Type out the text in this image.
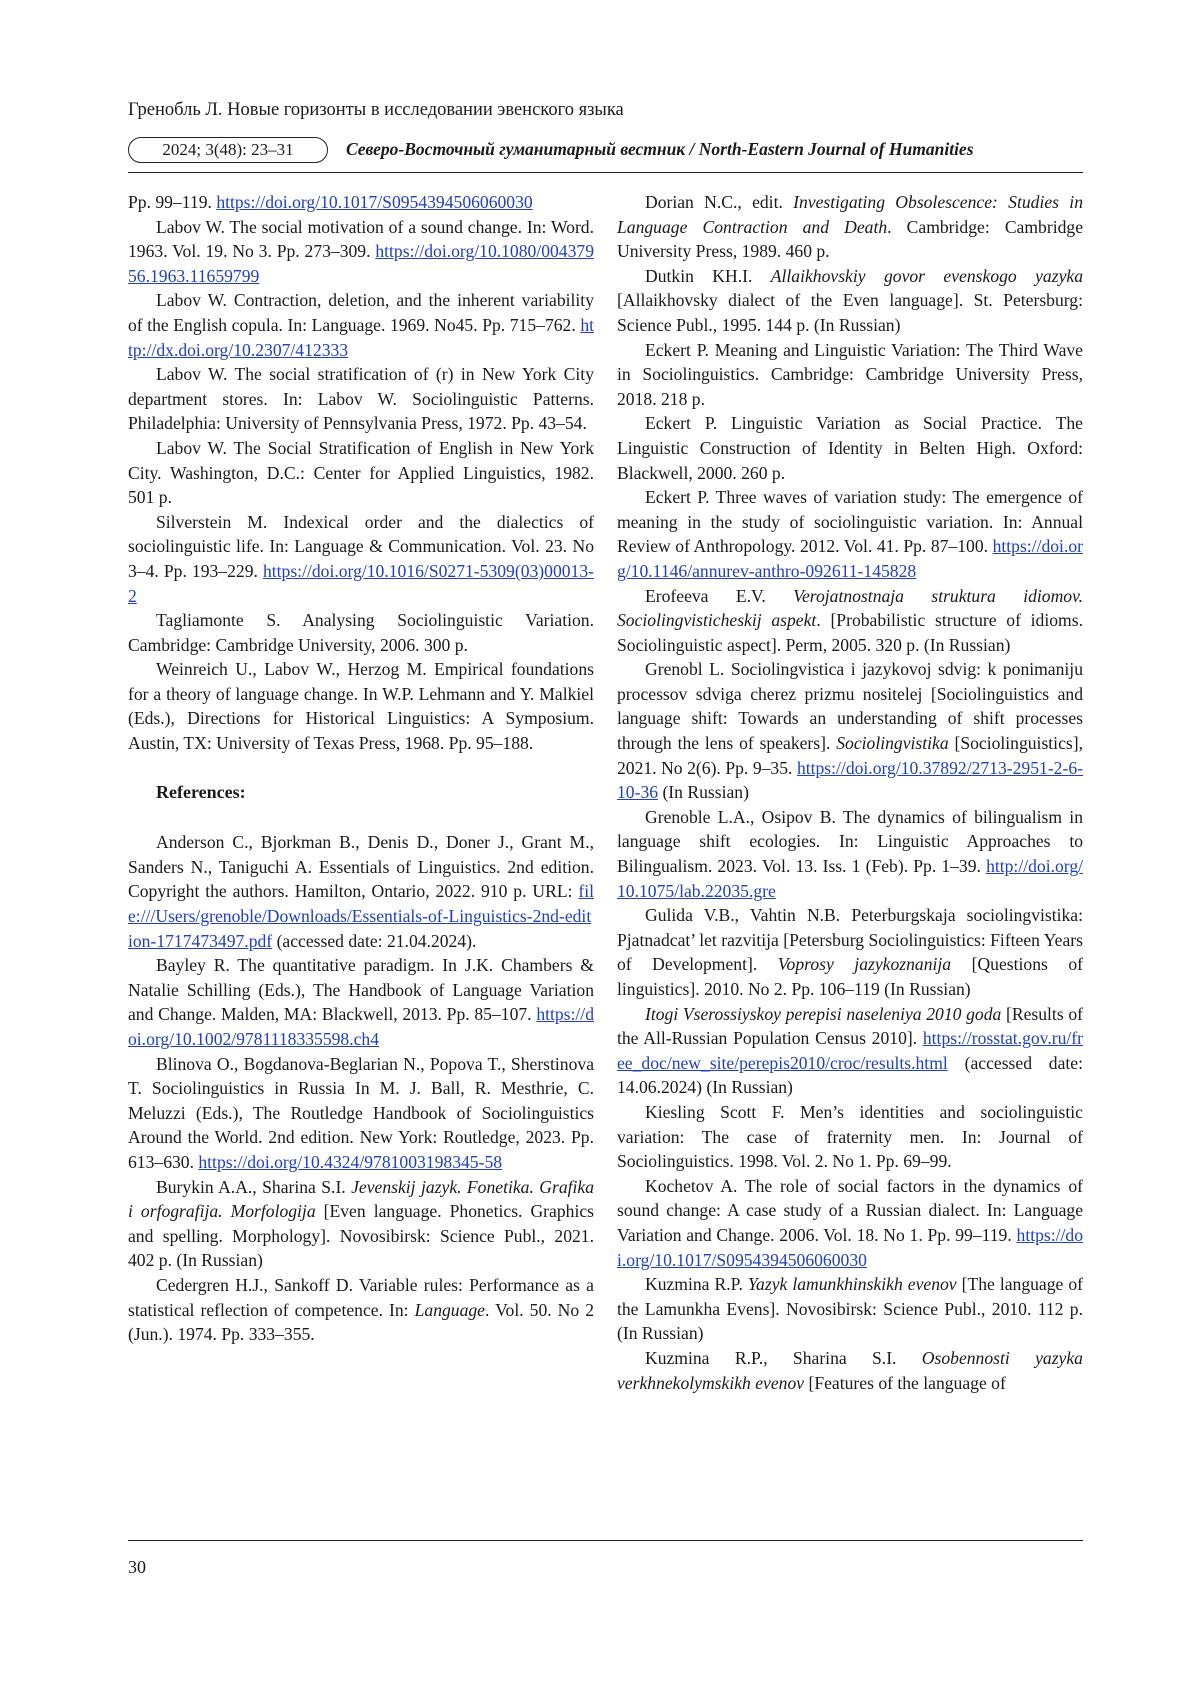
Гренобль Л. Новые горизонты в исследовании эвенского языка
2024; 3(48): 23–31	Северо-Восточный гуманитарный вестник / North-Eastern Journal of Humanities

Pp. 99–119. https://doi.org/10.1017/S0954394506060030

Labov W. The social motivation of a sound change. In: Word. 1963. Vol. 19. No 3. Pp. 273–309. https://doi.org/10.1080/00437956.1963.11659799

Labov W. Contraction, deletion, and the inherent variability of the English copula. In: Language. 1969. No45. Pp. 715–762. http://dx.doi.org/10.2307/412333

Labov W. The social stratification of (r) in New York City department stores. In: Labov W. Sociolinguistic Patterns. Philadelphia: University of Pennsylvania Press, 1972. Pp. 43–54.

Labov W. The Social Stratification of English in New York City. Washington, D.C.: Center for Applied Linguistics, 1982. 501 p.

Silverstein M. Indexical order and the dialectics of sociolinguistic life. In: Language & Communication. Vol. 23. No 3–4. Pp. 193–229. https://doi.org/10.1016/S0271-5309(03)00013-2

Tagliamonte S. Analysing Sociolinguistic Variation. Cambridge: Cambridge University, 2006. 300 p.

Weinreich U., Labov W., Herzog M. Empirical foundations for a theory of language change. In W.P. Lehmann and Y. Malkiel (Eds.), Directions for Historical Linguistics: A Symposium. Austin, TX: University of Texas Press, 1968. Pp. 95–188.

References:

Anderson C., Bjorkman B., Denis D., Doner J., Grant M., Sanders N., Taniguchi A. Essentials of Linguistics. 2nd edition. Copyright the authors. Hamilton, Ontario, 2022. 910 p. URL: file:///Users/grenoble/Downloads/Essentials-of-Linguistics-2nd-edition-1717473497.pdf (accessed date: 21.04.2024).

Bayley R. The quantitative paradigm. In J.K. Chambers & Natalie Schilling (Eds.), The Handbook of Language Variation and Change. Malden, MA: Blackwell, 2013. Pp. 85–107. https://doi.org/10.1002/9781118335598.ch4

Blinova O., Bogdanova-Beglarian N., Popova T., Sherstinova T. Sociolinguistics in Russia In M. J. Ball, R. Mesthrie, C. Meluzzi (Eds.), The Routledge Handbook of Sociolinguistics Around the World. 2nd edition. New York: Routledge, 2023. Pp. 613–630. https://doi.org/10.4324/9781003198345-58

Burykin A.A., Sharina S.I. Jevenskij jazyk. Fonetika. Grafika i orfografija. Morfologija [Even language. Phonetics. Graphics and spelling. Morphology]. Novosibirsk: Science Publ., 2021. 402 p. (In Russian)

Cedergren H.J., Sankoff D. Variable rules: Performance as a statistical reflection of competence. In: Language. Vol. 50. No 2 (Jun.). 1974. Pp. 333–355.

Dorian N.C., edit. Investigating Obsolescence: Studies in Language Contraction and Death. Cambridge: Cambridge University Press, 1989. 460 p.

Dutkin KH.I. Allaikhovskiy govor evenskogo yazyka [Allaikhovsky dialect of the Even language]. St. Petersburg: Science Publ., 1995. 144 p. (In Russian)

Eckert P. Meaning and Linguistic Variation: The Third Wave in Sociolinguistics. Cambridge: Cambridge University Press, 2018. 218 p.

Eckert P. Linguistic Variation as Social Practice. The Linguistic Construction of Identity in Belten High. Oxford: Blackwell, 2000. 260 p.

Eckert P. Three waves of variation study: The emergence of meaning in the study of sociolinguistic variation. In: Annual Review of Anthropology. 2012. Vol. 41. Pp. 87–100. https://doi.org/10.1146/annurev-anthro-092611-145828

Erofeeva E.V. Verojatnostnaja struktura idiomov. Sociolingvisticheskij aspekt. [Probabilistic structure of idioms. Sociolinguistic aspect]. Perm, 2005. 320 p. (In Russian)

Grenobl L. Sociolingvistica i jazykovoj sdvig: k ponimaniju processov sdviga cherez prizmu nositelej [Sociolinguistics and language shift: Towards an understanding of shift processes through the lens of speakers]. Sociolingvistika [Sociolinguistics], 2021. No 2(6). Pp. 9–35. https://doi.org/10.37892/2713-2951-2-6-10-36 (In Russian)

Grenoble L.A., Osipov B. The dynamics of bilingualism in language shift ecologies. In: Linguistic Approaches to Bilingualism. 2023. Vol. 13. Iss. 1 (Feb). Pp. 1–39. http://doi.org/10.1075/lab.22035.gre

Gulida V.B., Vahtin N.B. Peterburgskaja sociolingvistika: Pjatnadcat’ let razvitija [Petersburg Sociolinguistics: Fifteen Years of Development]. Voprosy jazykoznanija [Questions of linguistics]. 2010. No 2. Pp. 106–119 (In Russian)

Itogi Vserossiyskoy perepisi naseleniya 2010 goda [Results of the All-Russian Population Census 2010]. https://rosstat.gov.ru/free_doc/new_site/perepis2010/croc/results.html (accessed date: 14.06.2024) (In Russian)

Kiesling Scott F. Men’s identities and sociolinguistic variation: The case of fraternity men. In: Journal of Sociolinguistics. 1998. Vol. 2. No 1. Pp. 69–99.

Kochetov A. The role of social factors in the dynamics of sound change: A case study of a Russian dialect. In: Language Variation and Change. 2006. Vol. 18. No 1. Pp. 99–119. https://doi.org/10.1017/S0954394506060030

Kuzmina R.P. Yazyk lamunkhinskikh evenov [The language of the Lamunkha Evens]. Novosibirsk: Science Publ., 2010. 112 p. (In Russian)

Kuzmina R.P., Sharina S.I. Osobennosti yazyka verkhnekolymskikh evenov [Features of the language of

30
